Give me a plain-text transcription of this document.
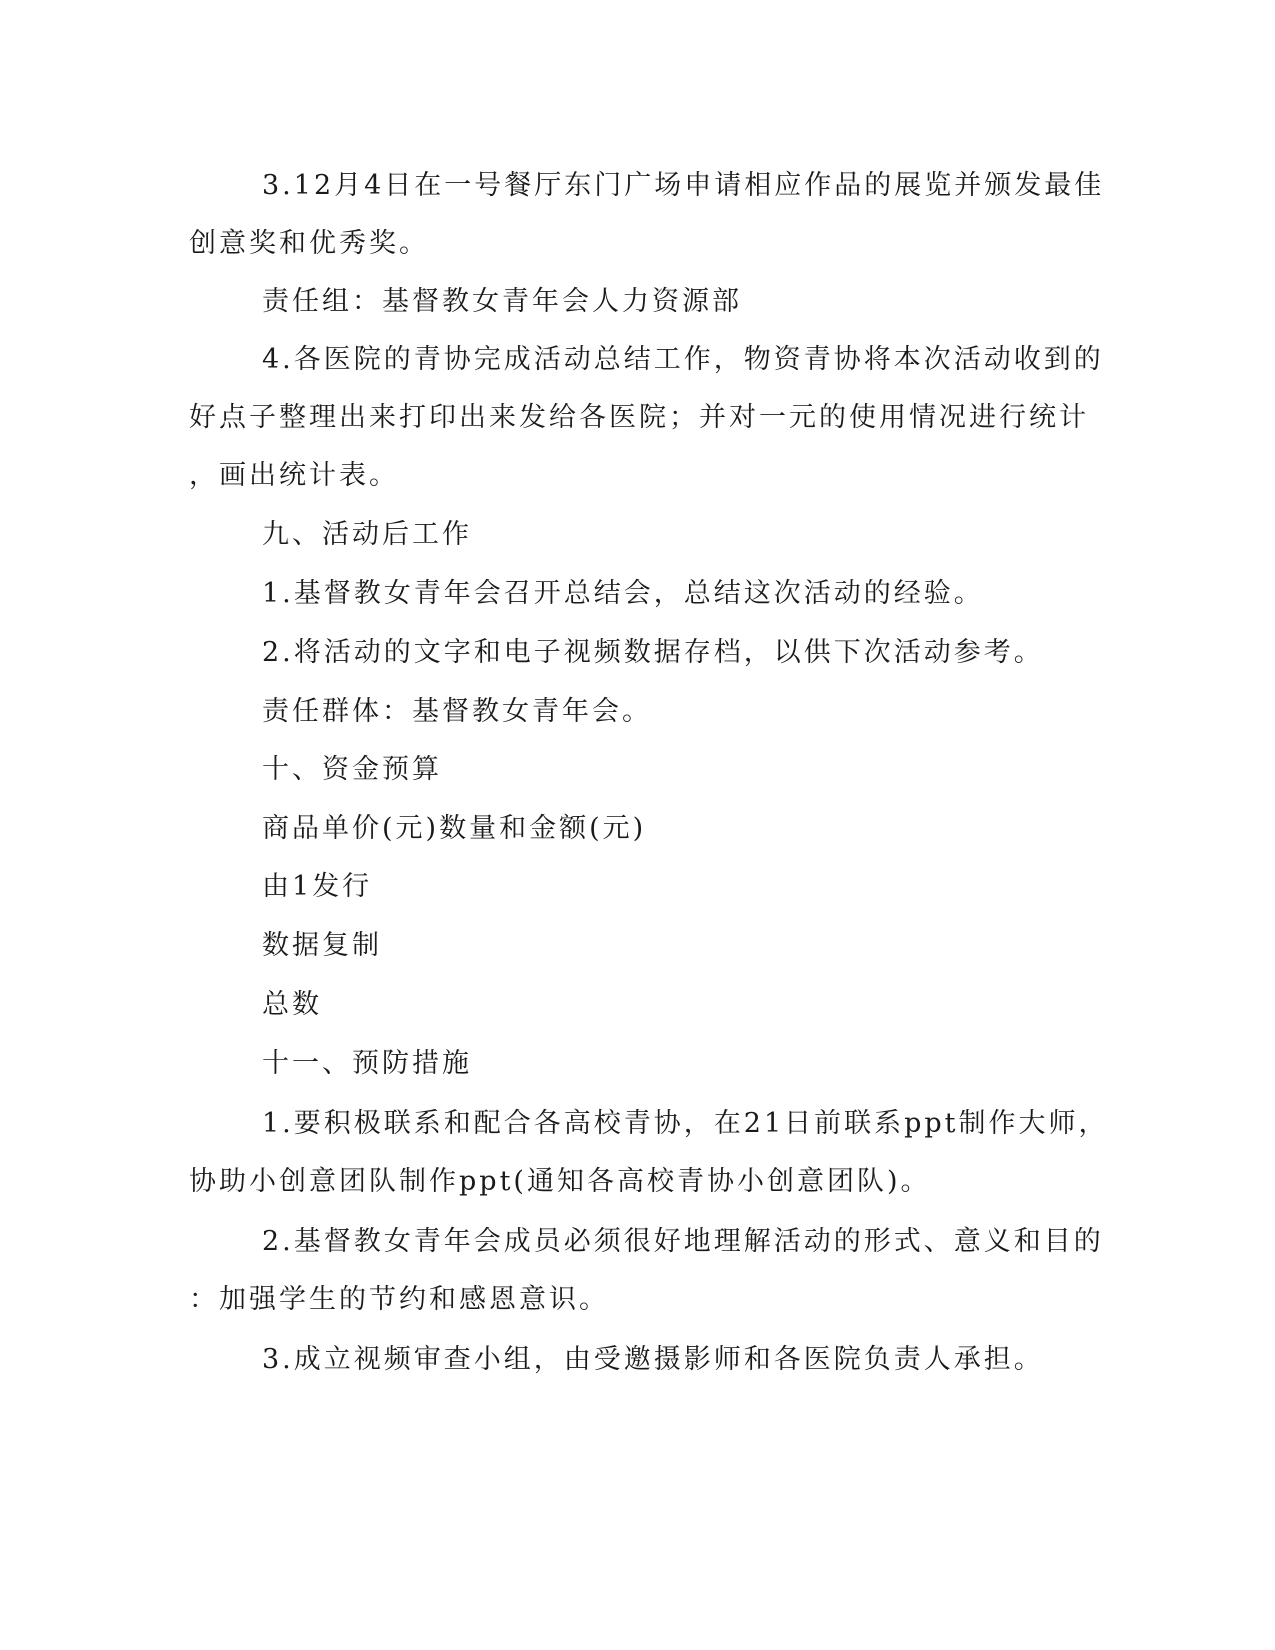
3.12月4日在一号餐厅东门广场申请相应作品的展览并颁发最佳
创意奖和优秀奖。
责任组：基督教女青年会人力资源部
4.各医院的青协完成活动总结工作，物资青协将本次活动收到的
好点子整理出来打印出来发给各医院；并对一元的使用情况进行统计
，画出统计表。
九、活动后工作
1.基督教女青年会召开总结会，总结这次活动的经验。
2.将活动的文字和电子视频数据存档，以供下次活动参考。
责任群体：基督教女青年会。
十、资金预算
商品单价(元)数量和金额(元)
由1发行
数据复制
总数
十一、预防措施
1.要积极联系和配合各高校青协，在21日前联系ppt制作大师，
协助小创意团队制作ppt(通知各高校青协小创意团队)。
2.基督教女青年会成员必须很好地理解活动的形式、意义和目的
：加强学生的节约和感恩意识。
3.成立视频审查小组，由受邀摄影师和各医院负责人承担。
